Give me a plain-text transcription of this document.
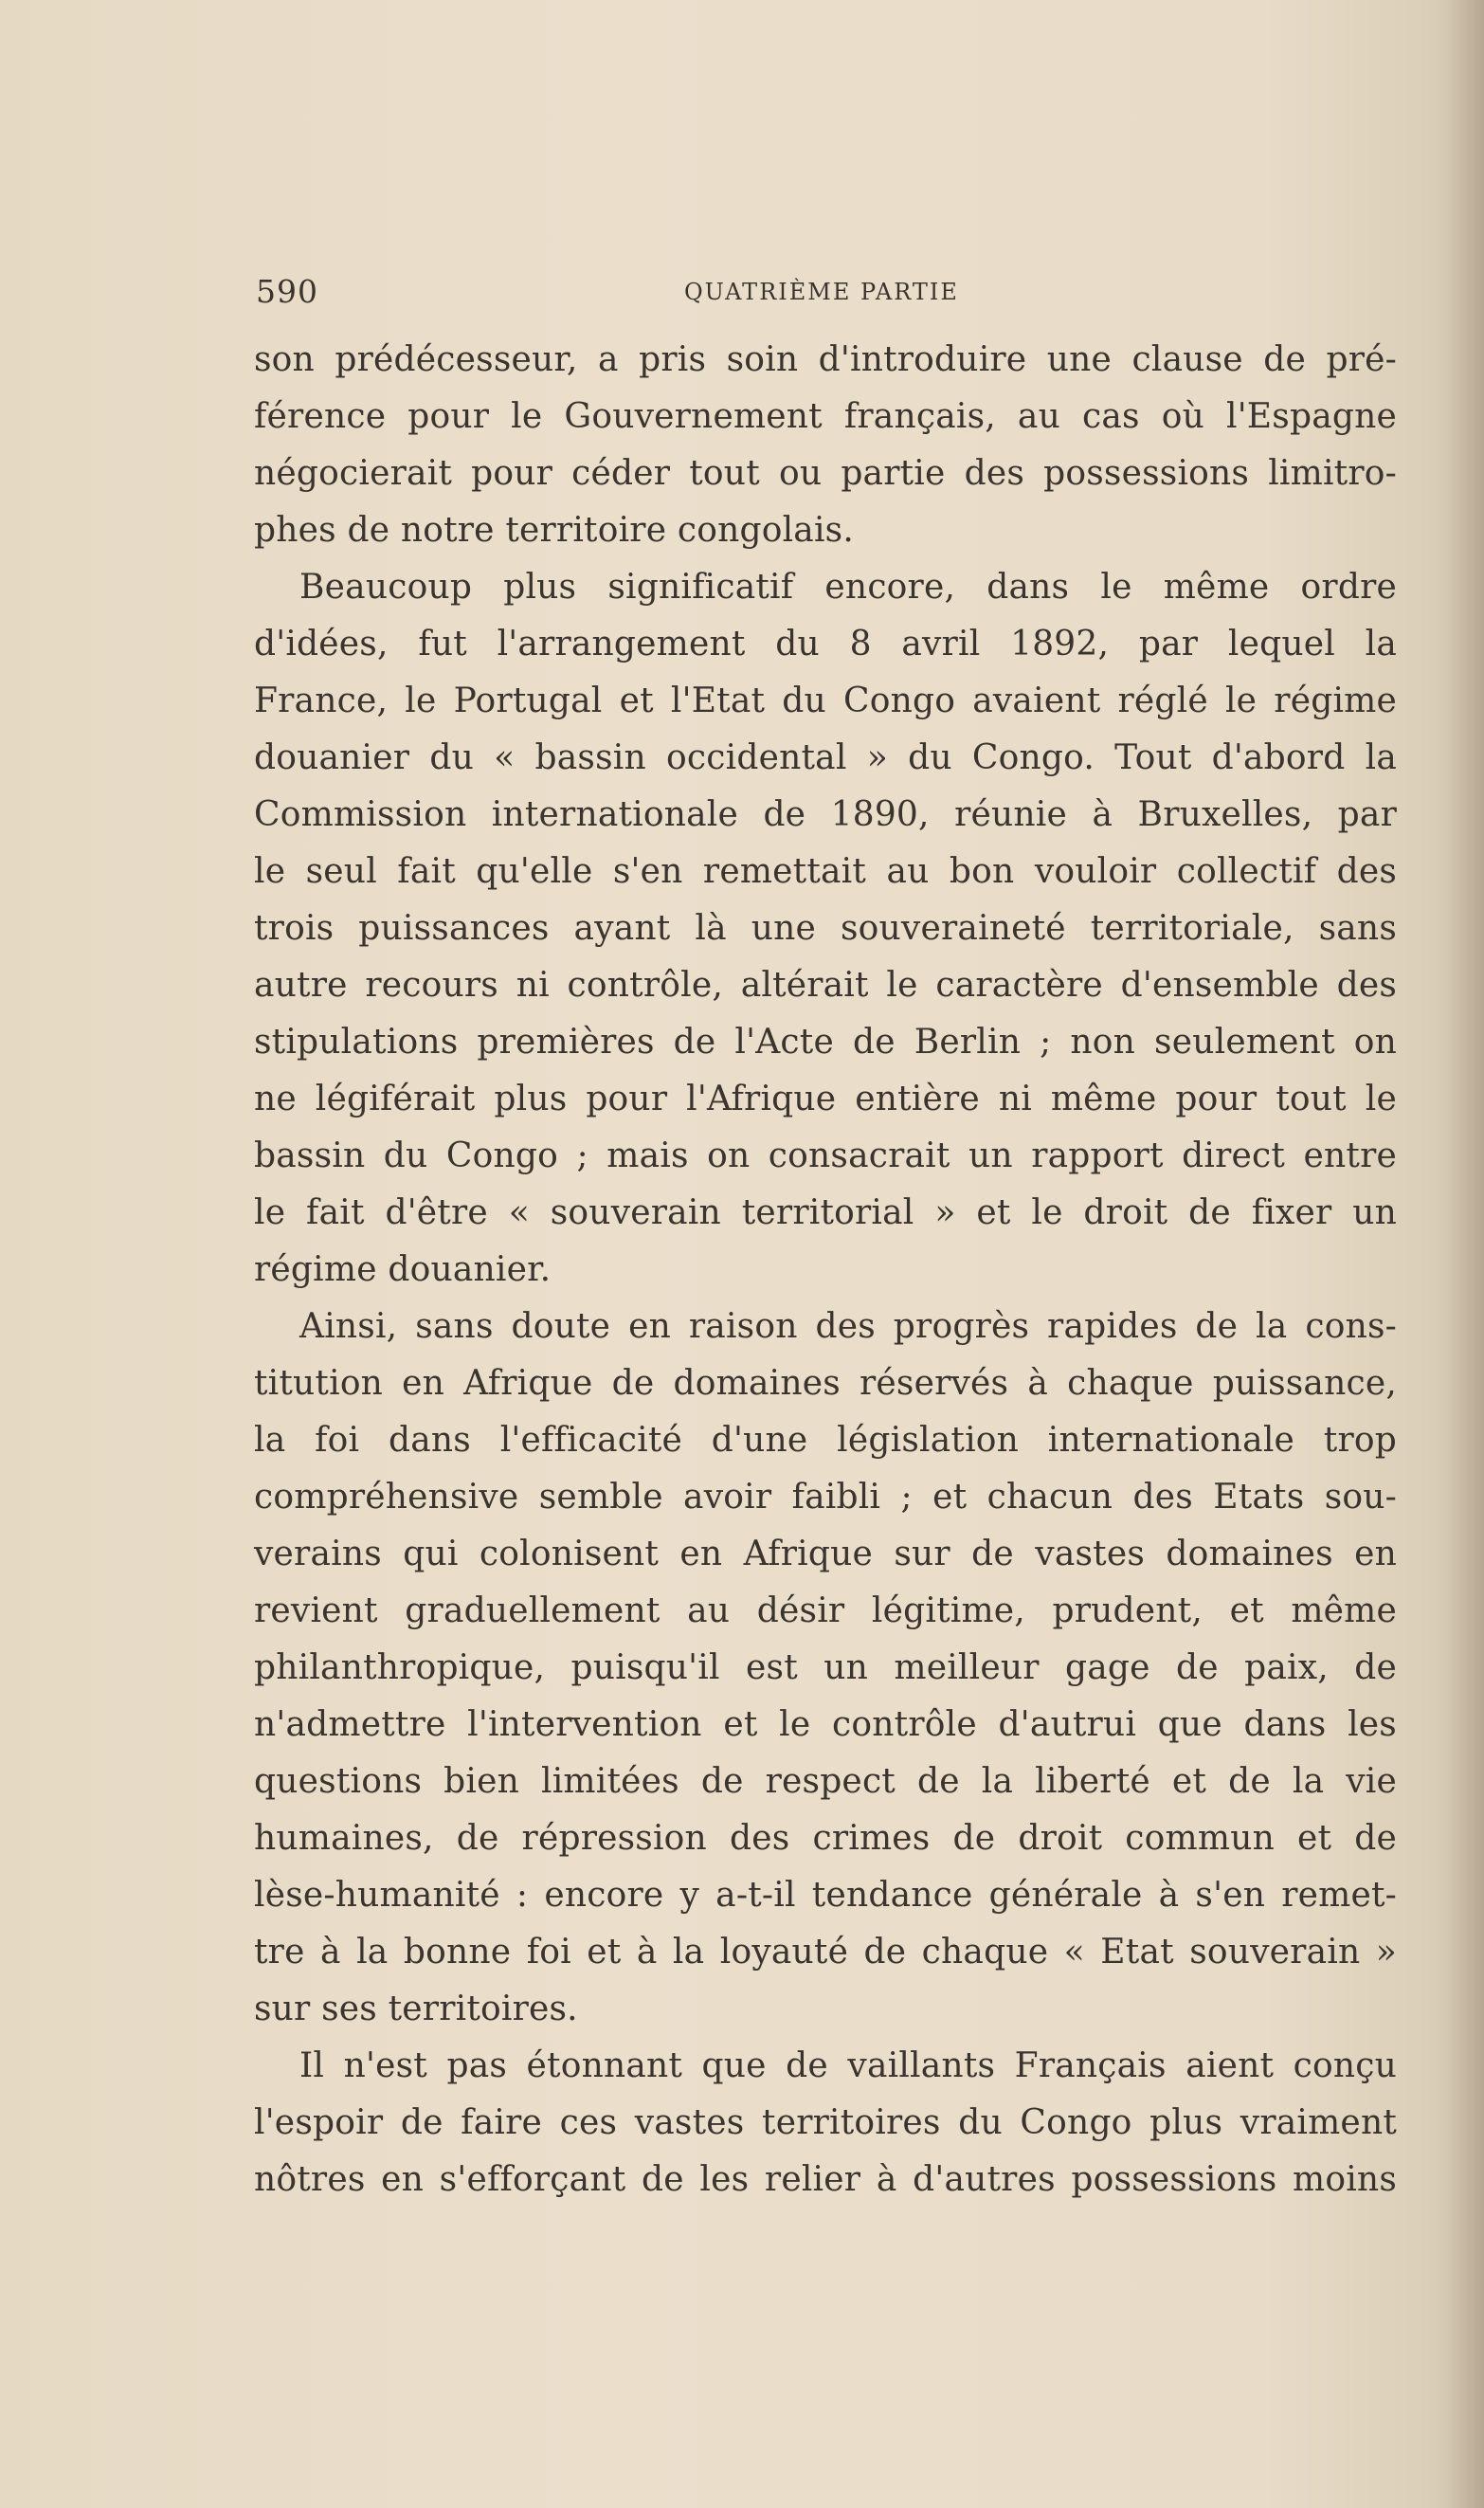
590	QUATRIÈME PARTIE
son prédécesseur, a pris soin d'introduire une clause de pré-
férence pour le Gouvernement français, au cas où l'Espagne
négocierait pour céder tout ou partie des possessions limitro-
phes de notre territoire congolais.
Beaucoup plus significatif encore, dans le même ordre
d'idées, fut l'arrangement du 8 avril 1892, par lequel la
France, le Portugal et l'Etat du Congo avaient réglé le régime
douanier du « bassin occidental » du Congo. Tout d'abord la
Commission internationale de 1890, réunie à Bruxelles, par
le seul fait qu'elle s'en remettait au bon vouloir collectif des
trois puissances ayant là une souveraineté territoriale, sans
autre recours ni contrôle, altérait le caractère d'ensemble des
stipulations premières de l'Acte de Berlin ; non seulement on
ne légiférait plus pour l'Afrique entière ni même pour tout le
bassin du Congo ; mais on consacrait un rapport direct entre
le fait d'être « souverain territorial » et le droit de fixer un
régime douanier.
Ainsi, sans doute en raison des progrès rapides de la cons-
titution en Afrique de domaines réservés à chaque puissance,
la foi dans l'efficacité d'une législation internationale trop
compréhensive semble avoir faibli ; et chacun des Etats sou-
verains qui colonisent en Afrique sur de vastes domaines en
revient graduellement au désir légitime, prudent, et même
philanthropique, puisqu'il est un meilleur gage de paix, de
n'admettre l'intervention et le contrôle d'autrui que dans les
questions bien limitées de respect de la liberté et de la vie
humaines, de répression des crimes de droit commun et de
lèse-humanité : encore y a-t-il tendance générale à s'en remet-
tre à la bonne foi et à la loyauté de chaque « Etat souverain »
sur ses territoires.
Il n'est pas étonnant que de vaillants Français aient conçu
l'espoir de faire ces vastes territoires du Congo plus vraiment
nôtres en s'efforçant de les relier à d'autres possessions moins
